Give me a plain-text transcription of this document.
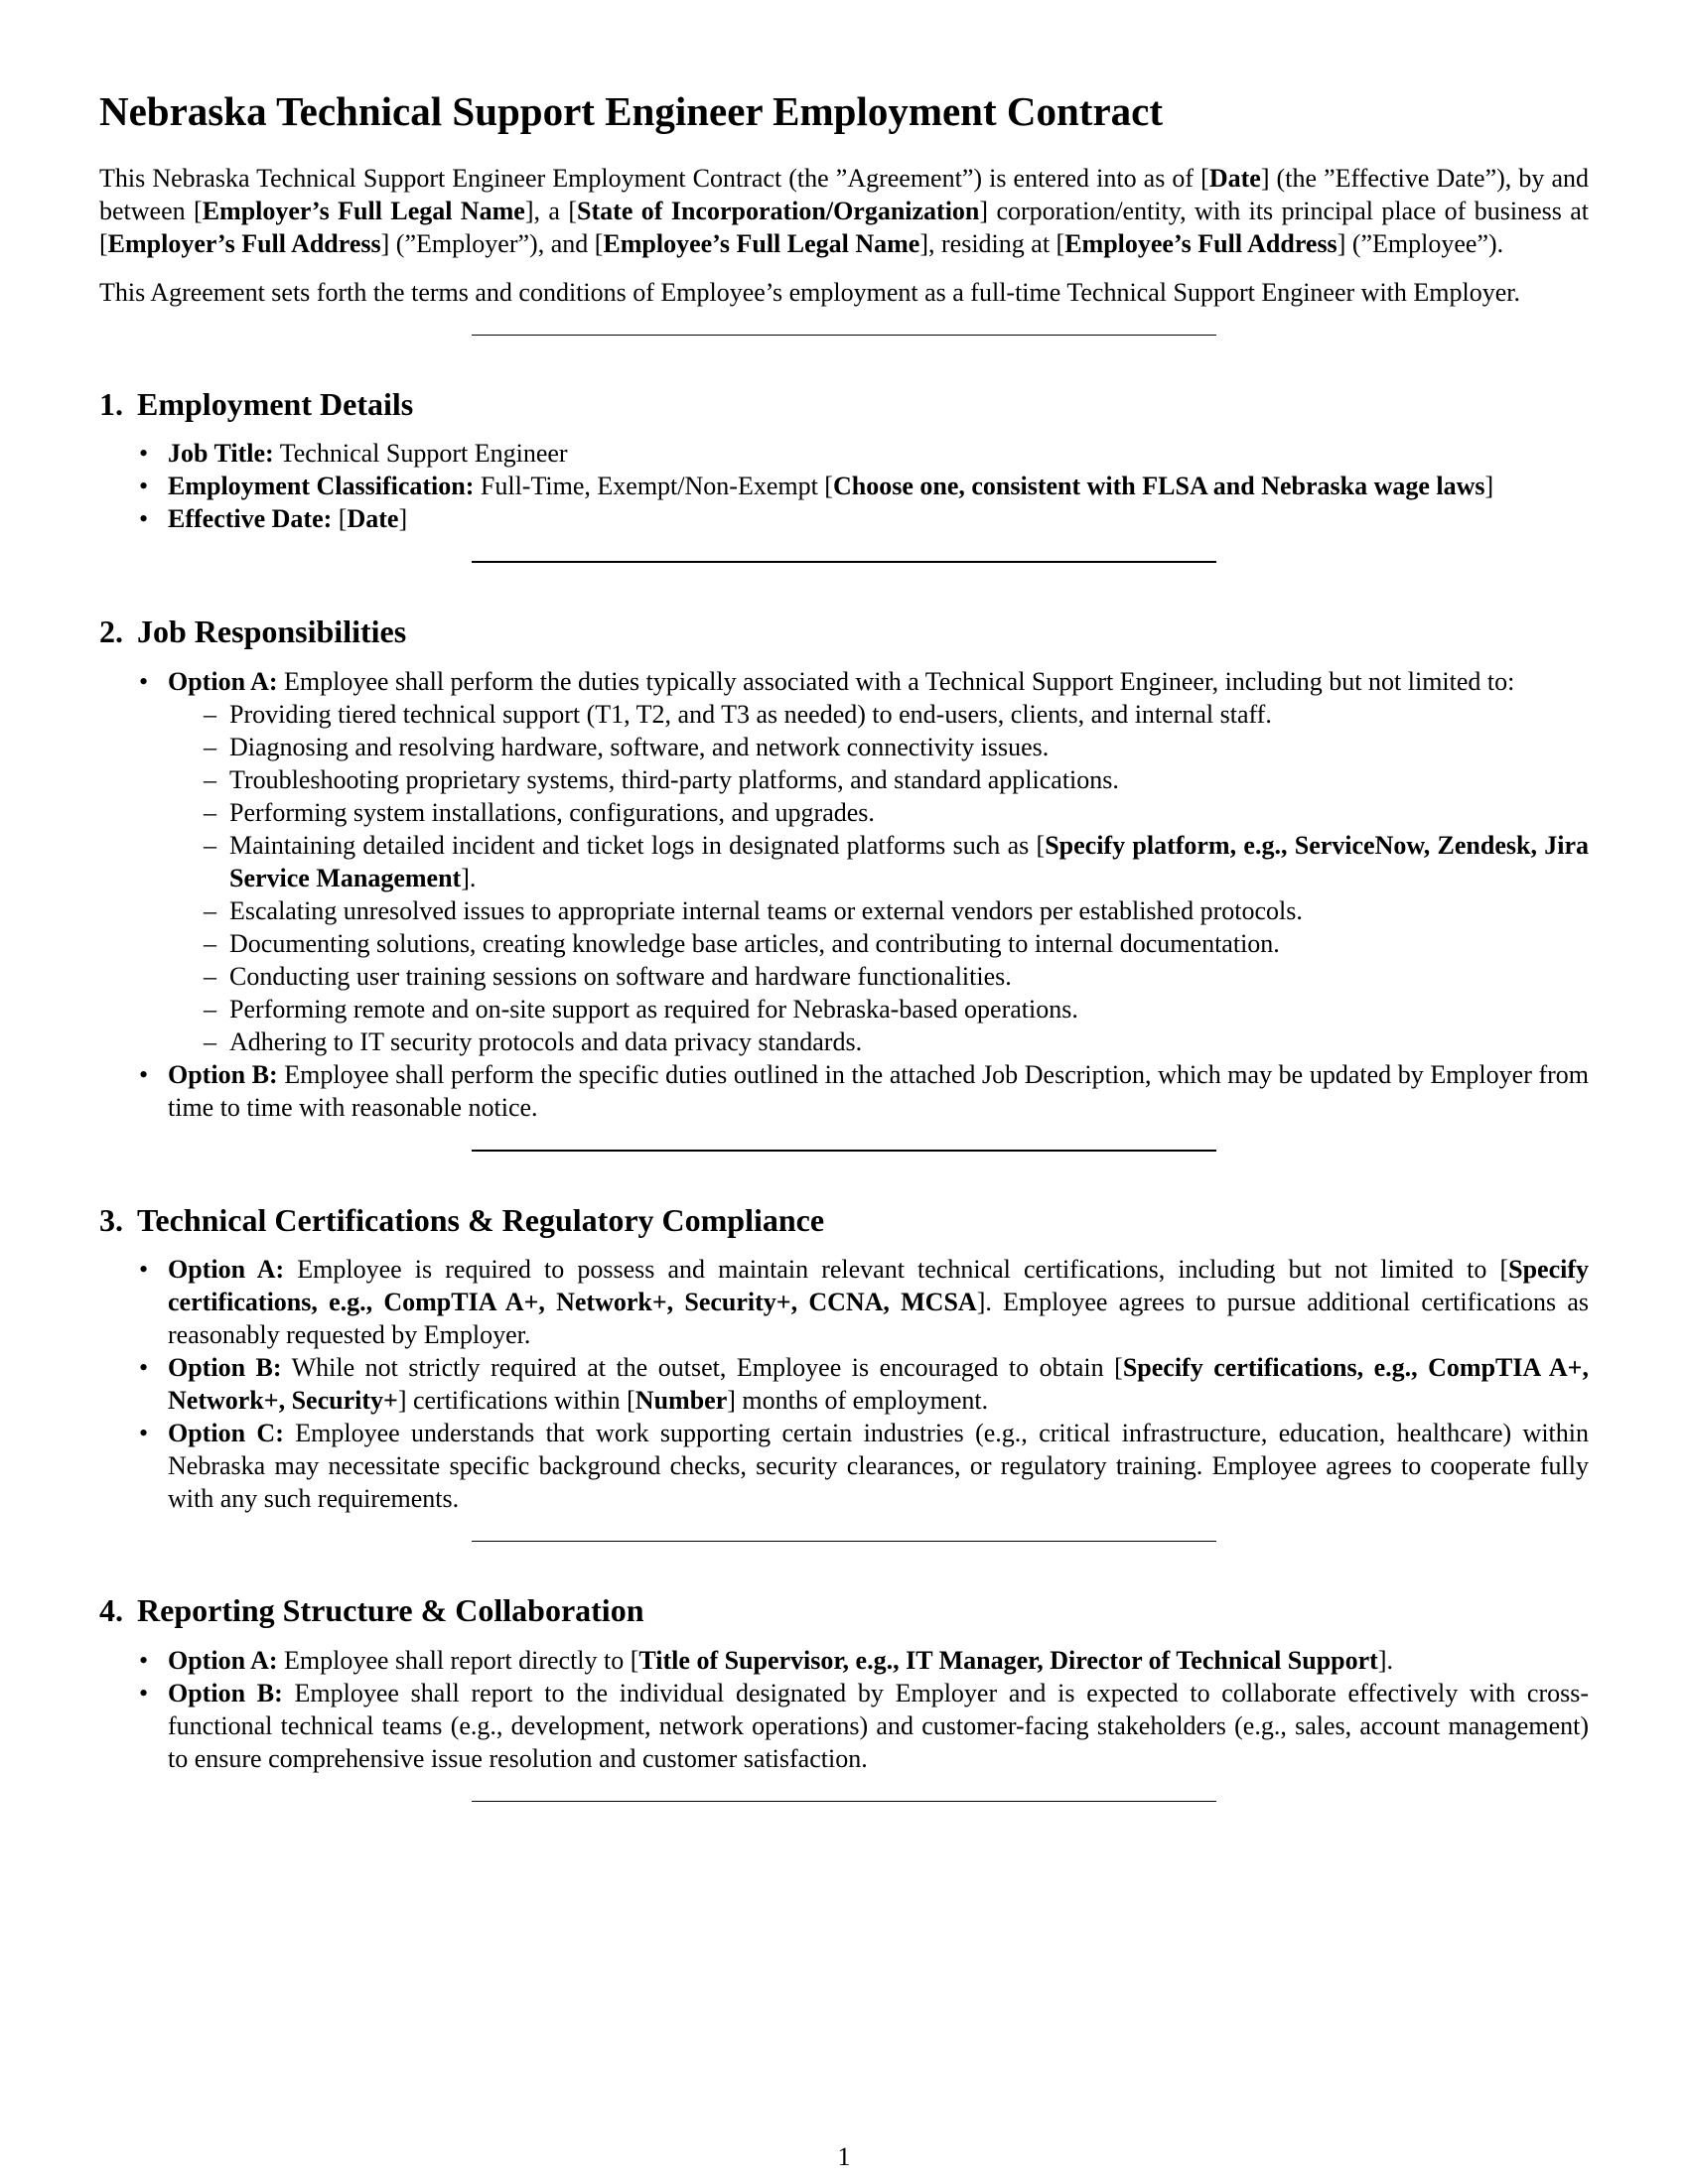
Nebraska Technical Support Engineer Employment Contract

This Nebraska Technical Support Engineer Employment Contract (the ”Agreement”) is entered into as of [Date] (the ”Effective Date”), by and between [Employer’s Full Legal Name], a [State of Incorporation/Organization] corporation/entity, with its principal place of business at [Employer’s Full Address] (”Employer”), and [Employee’s Full Legal Name], residing at [Employee’s Full Address] (”Employee”).

This Agreement sets forth the terms and conditions of Employee’s employment as a full-time Technical Support Engineer with Employer.

1. Employment Details
• Job Title: Technical Support Engineer
• Employment Classification: Full-Time, Exempt/Non-Exempt [Choose one, consistent with FLSA and Nebraska wage laws]
• Effective Date: [Date]
2. Job Responsibilities
• Option A: Employee shall perform the duties typically associated with a Technical Support Engineer, including but not limited to:
– Providing tiered technical support (T1, T2, and T3 as needed) to end-users, clients, and internal staff.
– Diagnosing and resolving hardware, software, and network connectivity issues.
– Troubleshooting proprietary systems, third-party platforms, and standard applications.
– Performing system installations, configurations, and upgrades.
– Maintaining detailed incident and ticket logs in designated platforms such as [Specify platform, e.g., ServiceNow, Zendesk, Jira Service Management].
– Escalating unresolved issues to appropriate internal teams or external vendors per established protocols.
– Documenting solutions, creating knowledge base articles, and contributing to internal documentation.
– Conducting user training sessions on software and hardware functionalities.
– Performing remote and on-site support as required for Nebraska-based operations.
– Adhering to IT security protocols and data privacy standards.
• Option B: Employee shall perform the specific duties outlined in the attached Job Description, which may be updated by Employer from time to time with reasonable notice.
3. Technical Certifications & Regulatory Compliance
• Option A: Employee is required to possess and maintain relevant technical certifications, including but not limited to [Specify certifications, e.g., CompTIA A+, Network+, Security+, CCNA, MCSA]. Employee agrees to pursue additional certifications as reasonably requested by Employer.
• Option B: While not strictly required at the outset, Employee is encouraged to obtain [Specify certifications, e.g., CompTIA A+, Network+, Security+] certifications within [Number] months of employment.
• Option C: Employee understands that work supporting certain industries (e.g., critical infrastructure, education, healthcare) within Nebraska may necessitate specific background checks, security clearances, or regulatory training. Employee agrees to cooperate fully with any such requirements.
4. Reporting Structure & Collaboration
• Option A: Employee shall report directly to [Title of Supervisor, e.g., IT Manager, Director of Technical Support].
• Option B: Employee shall report to the individual designated by Employer and is expected to collaborate effectively with cross-functional technical teams (e.g., development, network operations) and customer-facing stakeholders (e.g., sales, account management) to ensure comprehensive issue resolution and customer satisfaction.
1
